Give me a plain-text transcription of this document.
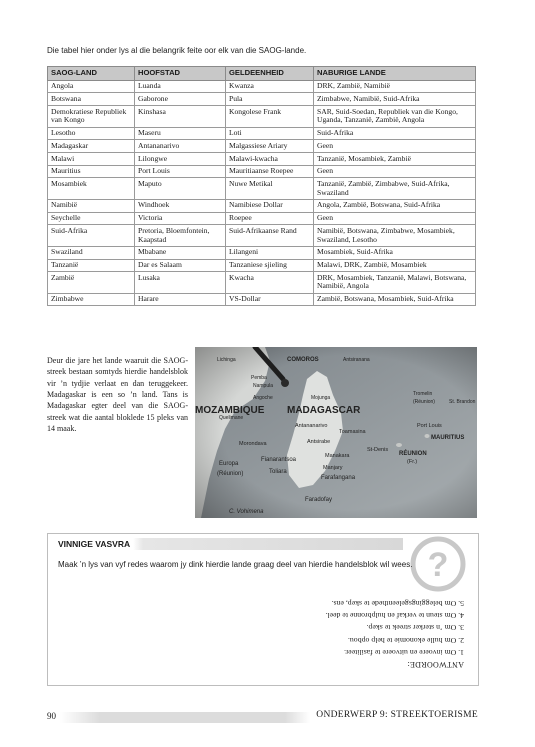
Die tabel hier onder lys al die belangrik feite oor elk van die SAOG-lande.
SAOG-LAND	HOOFSTAD	GELDEENHEID	NABURIGE LANDE
Angola	Luanda	Kwanza	DRK, Zambië, Namibië
Botswana	Gaborone	Pula	Zimbabwe, Namibië, Suid-Afrika
Demokratiese Republiek van Kongo	Kinshasa	Kongolese Frank	SAR, Suid-Soedan, Republiek van die Kongo, Uganda, Tanzanië, Zambië, Angola
Lesotho	Maseru	Loti	Suid-Afrika
Madagaskar	Antananarivo	Malgassiese Ariary	Geen
Malawi	Lilongwe	Malawi-kwacha	Tanzanië, Mosambiek, Zambië
Mauritius	Port Louis	Mauritiaanse Roepee	Geen
Mosambiek	Maputo	Nuwe Metikal	Tanzanië, Zambië, Zimbabwe, Suid-Afrika, Swaziland
Namibië	Windhoek	Namibiese Dollar	Angola, Zambië, Botswana, Suid-Afrika
Seychelle	Victoria	Roepee	Geen
Suid-Afrika	Pretoria, Bloemfontein, Kaapstad	Suid-Afrikaanse Rand	Namibië, Botswana, Zimbabwe, Mosambiek, Swaziland, Lesotho
Swaziland	Mbabane	Lilangeni	Mosambiek, Suid-Afrika
Tanzanië	Dar es Salaam	Tanzaniese sjieling	Malawi, DRK, Zambië, Mosambiek
Zambië	Lusaka	Kwacha	DRK, Mosambiek, Tanzanië, Malawi, Botswana, Namibië, Angola
Zimbabwe	Harare	VS-Dollar	Zambië, Botswana, Mosambiek, Suid-Afrika
Deur die jare het lande waaruit die SAOG-streek bestaan somtyds hierdie handelsblok vir ’n tydjie verlaat en dan teruggekeer. Madagaskar is een so ’n land. Tans is Madagaskar egter deel van die SAOG-streek wat die aantal bloklede 15 pleks van 14 maak.
Lichinga	COMOROS	Antsiranana
Pemba
Nampula
Angoche	Mojunga
Tromelin
(Réunion)	St. Brandon
MOZAMBIQUE MADAGASCAR
Quelimane
Antananarivo
Toamasina
Port Louis
MAURITIUS
Morondava	Antsirabe
St-Denis
RÉUNION
Manakara
Fianarantsoa	(Fr.)
Manjary
Europa
(Réunion)	Toliara
Farafangana
Faradofay
C. Vohimena
VINNIGE VASVRA
?
Maak ’n lys van vyf redes waarom jy dink hierdie lande graag deel van hierdie handelsblok wil wees.
ANTWOORDE:
1. Om invoere en uitvoere te fasiliteer.
2. Om hulle ekonomie te help opbou.
3. Om ’n sterker streek te skep.
4. Om steun te verkaf en hulpbronne te deel.
5. Om beleggingsgeleenthede te skep, ens.
90	ONDERWERP 9: STREEKTOERISME
